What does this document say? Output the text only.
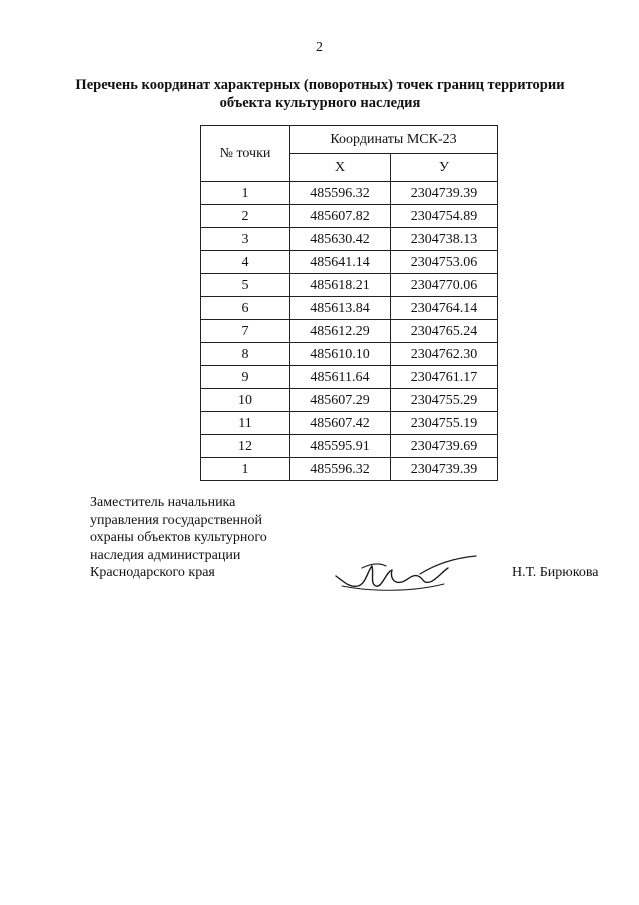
2
Перечень координат характерных (поворотных) точек границ территории
объекта культурного наследия
№ точки	Координаты МСК-23	
	X	У
1	485596.32	2304739.39
2	485607.82	2304754.89
3	485630.42	2304738.13
4	485641.14	2304753.06
5	485618.21	2304770.06
6	485613.84	2304764.14
7	485612.29	2304765.24
8	485610.10	2304762.30
9	485611.64	2304761.17
10	485607.29	2304755.29
11	485607.42	2304755.19
12	485595.91	2304739.69
1	485596.32	2304739.39
Заместитель начальника
управления государственной
охраны объектов культурного
наследия администрации
Краснодарского края	Н.Т. Бирюкова
